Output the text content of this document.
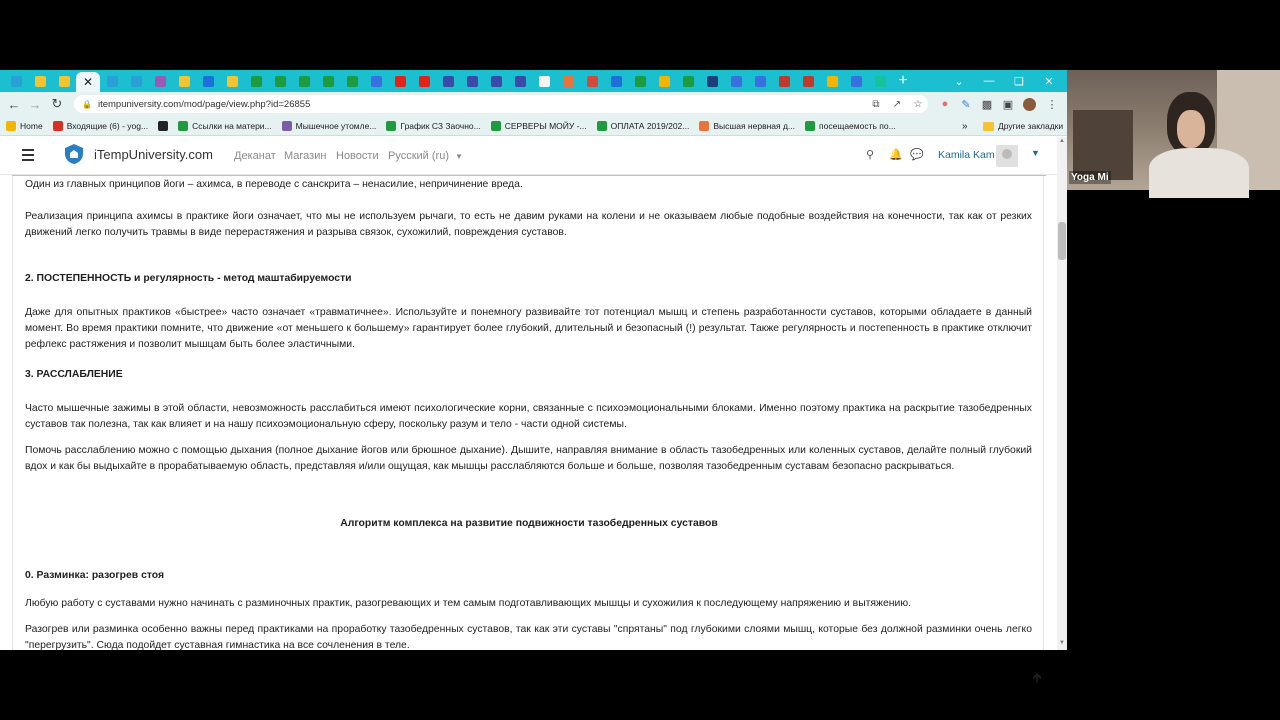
✕	+	⌄	—	❏	✕
← → ↻	🔒 itempuniversity.com/mod/page/view.php?id=26855	⧉	↗	☆	●	✎	▩ ▣	⋮
Home	Входящие (6) - yog...	Ссылки на матери...	Мышечное утомле...	График СЗ Заочно...	СЕРВЕРЫ МОЙУ -...	ОПЛАТА 2019/202...	Высшая нервная д...	посещаемость по...	»	Другие закладки
iTempUniversity.com Деканат Магазин Новости Русский (ru) ▼	⚲ 🔔 💬 Kamila Kam	▼
Один из главных принципов йоги – ахимса, в переводе с санскрита – ненасилие, непричинение вреда.
Реализация принципа ахимсы в практике йоги означает, что мы не используем рычаги, то есть не давим руками на колени и не оказываем любые подобные воздействия на конечности, так как от резких движений легко получить травмы в виде перерастяжения и разрыва связок, сухожилий, повреждения суставов.
2. ПОСТЕПЕННОСТЬ и регулярность - метод маштабируемости
Даже для опытных практиков «быстрее» часто означает «травматичнее». Используйте и понемногу развивайте тот потенциал мышц и степень разработанности суставов, которыми обладаете в данный момент. Во время практики помните, что движение «от меньшего к большему» гарантирует более глубокий, длительный и безопасный (!) результат. Также регулярность и постепенность в практике отключит рефлекс растяжения и позволит мышцам быть более эластичными.
3. РАССЛАБЛЕНИЕ
Часто мышечные зажимы в этой области, невозможность расслабиться имеют психологические корни, связанные с психоэмоциональными блоками. Именно поэтому практика на раскрытие тазобедренных суставов так полезна, так как влияет и на нашу психоэмоциональную сферу, поскольку разум и тело - части одной системы.
Помочь расслаблению можно с помощью дыхания (полное дыхание йогов или брюшное дыхание). Дышите, направляя внимание в область тазобедренных или коленных суставов, делайте полный глубокий вдох и как бы выдыхайте в прорабатываемую область, представляя и/или ощущая, как мышцы расслабляются больше и больше, позволяя тазобедренным суставам безопасно раскрываться.
Алгоритм комплекса на развитие подвижности тазобедренных суставов
0. Разминка: разогрев стоя
Любую работу с суставами нужно начинать с разминочных практик, разогревающих и тем самым подготавливающих мышцы и сухожилия к последующему напряжению и вытяжению.
Разогрев или разминка особенно важны перед практиками на проработку тазобедренных суставов, так как эти суставы "спрятаны" под глубокими слоями мышц, которые без должной разминки очень легко "перегрузить". Сюда подойдет суставная гимнастика на все сочленения в теле.
🡱
▲
▼
Yoga Mi
